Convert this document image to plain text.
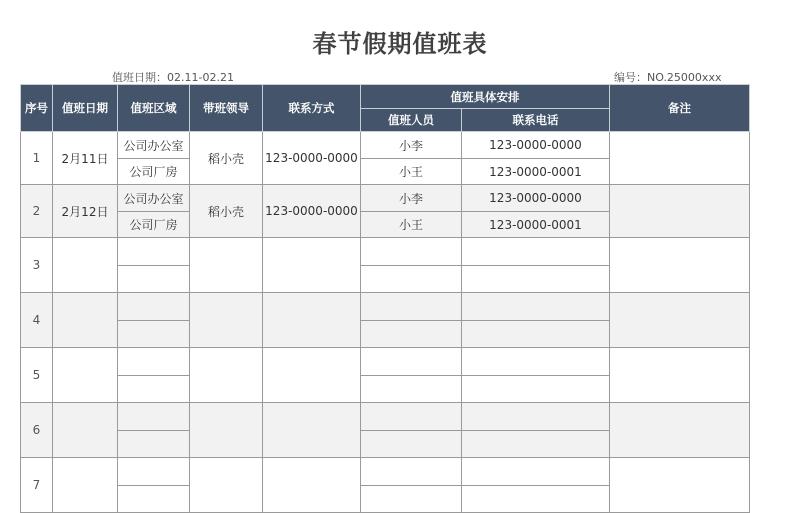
春节假期值班表
值班日期：02.11-02.21	编号：NO.25000xxx
序号	值班日期	值班区域	带班领导	联系方式	值班具体安排		备注
					值班人员	联系电话	
1	2月11日	公司办公室	稻小壳	123-0000-0000	小李	123-0000-0000	
		公司厂房			小王	123-0000-0001	
2	2月12日	公司办公室	稻小壳	123-0000-0000	小李	123-0000-0000	
		公司厂房			小王	123-0000-0001	
3							

4							

5							

6							

7							
